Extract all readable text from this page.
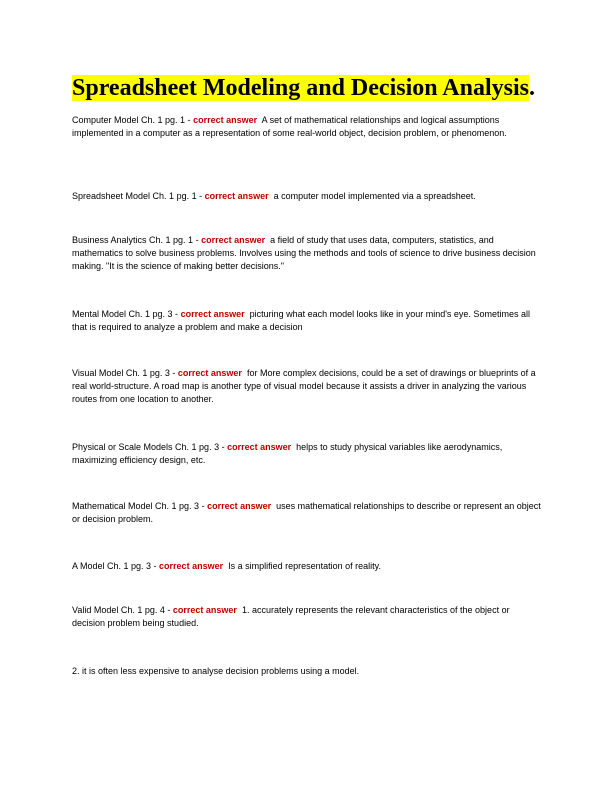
Spreadsheet Modeling and Decision Analysis.

Computer Model Ch. 1 pg. 1 - correct answer  A set of mathematical relationships and logical assumptions implemented in a computer as a representation of some real-world object, decision problem, or phenomenon.

Spreadsheet Model Ch. 1 pg. 1 - correct answer  a computer model implemented via a spreadsheet.

Business Analytics Ch. 1 pg. 1 - correct answer  a field of study that uses data, computers, statistics, and mathematics to solve business problems. Involves using the methods and tools of science to drive business decision making. "It is the science of making better decisions."

Mental Model Ch. 1 pg. 3 - correct answer  picturing what each model looks like in your mind's eye. Sometimes all that is required to analyze a problem and make a decision

Visual Model Ch. 1 pg. 3 - correct answer  for More complex decisions, could be a set of drawings or blueprints of a real world-structure. A road map is another type of visual model because it assists a driver in analyzing the various routes from one location to another.

Physical or Scale Models Ch. 1 pg. 3 - correct answer  helps to study physical variables like aerodynamics, maximizing efficiency design, etc.

Mathematical Model Ch. 1 pg. 3 - correct answer  uses mathematical relationships to describe or represent an object or decision problem.

A Model Ch. 1 pg. 3 - correct answer  Is a simplified representation of reality.

Valid Model Ch. 1 pg. 4 - correct answer  1. accurately represents the relevant characteristics of the object or decision problem being studied.

2. it is often less expensive to analyse decision problems using a model.
